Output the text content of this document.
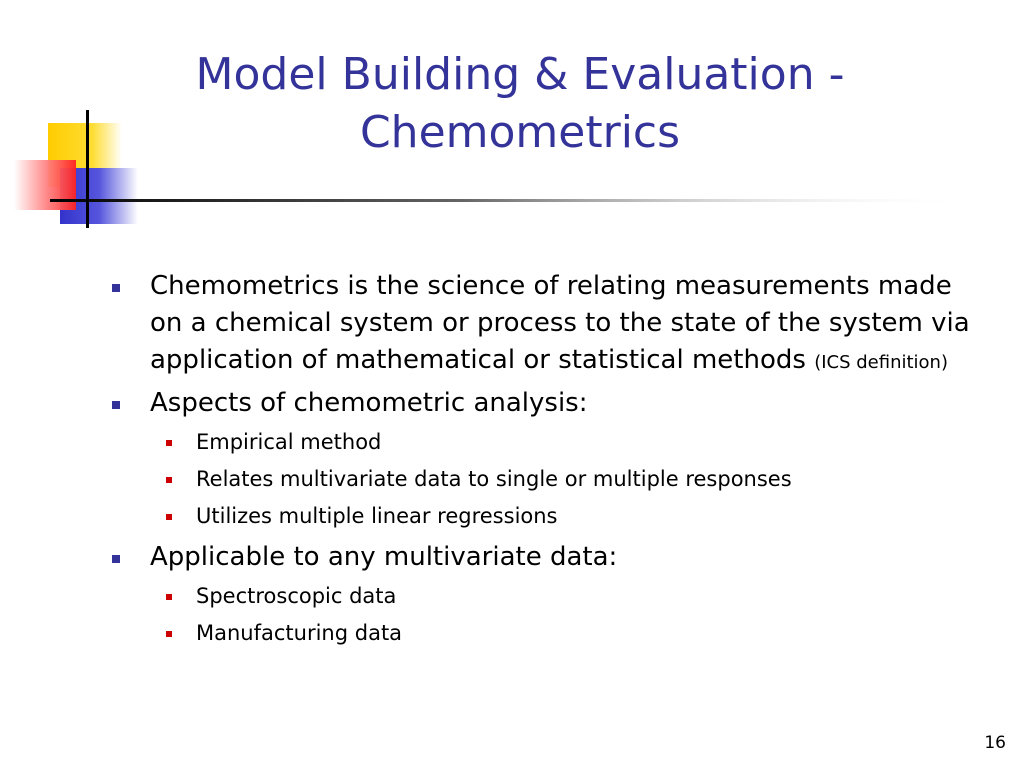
Model Building & Evaluation -
Chemometrics
Chemometrics is the science of relating measurements made on a chemical system or process to the state of the system via application of mathematical or statistical methods (ICS definition)
Aspects of chemometric analysis:
Empirical method
Relates multivariate data to single or multiple responses
Utilizes multiple linear regressions
Applicable to any multivariate data:
Spectroscopic data
Manufacturing data
16
